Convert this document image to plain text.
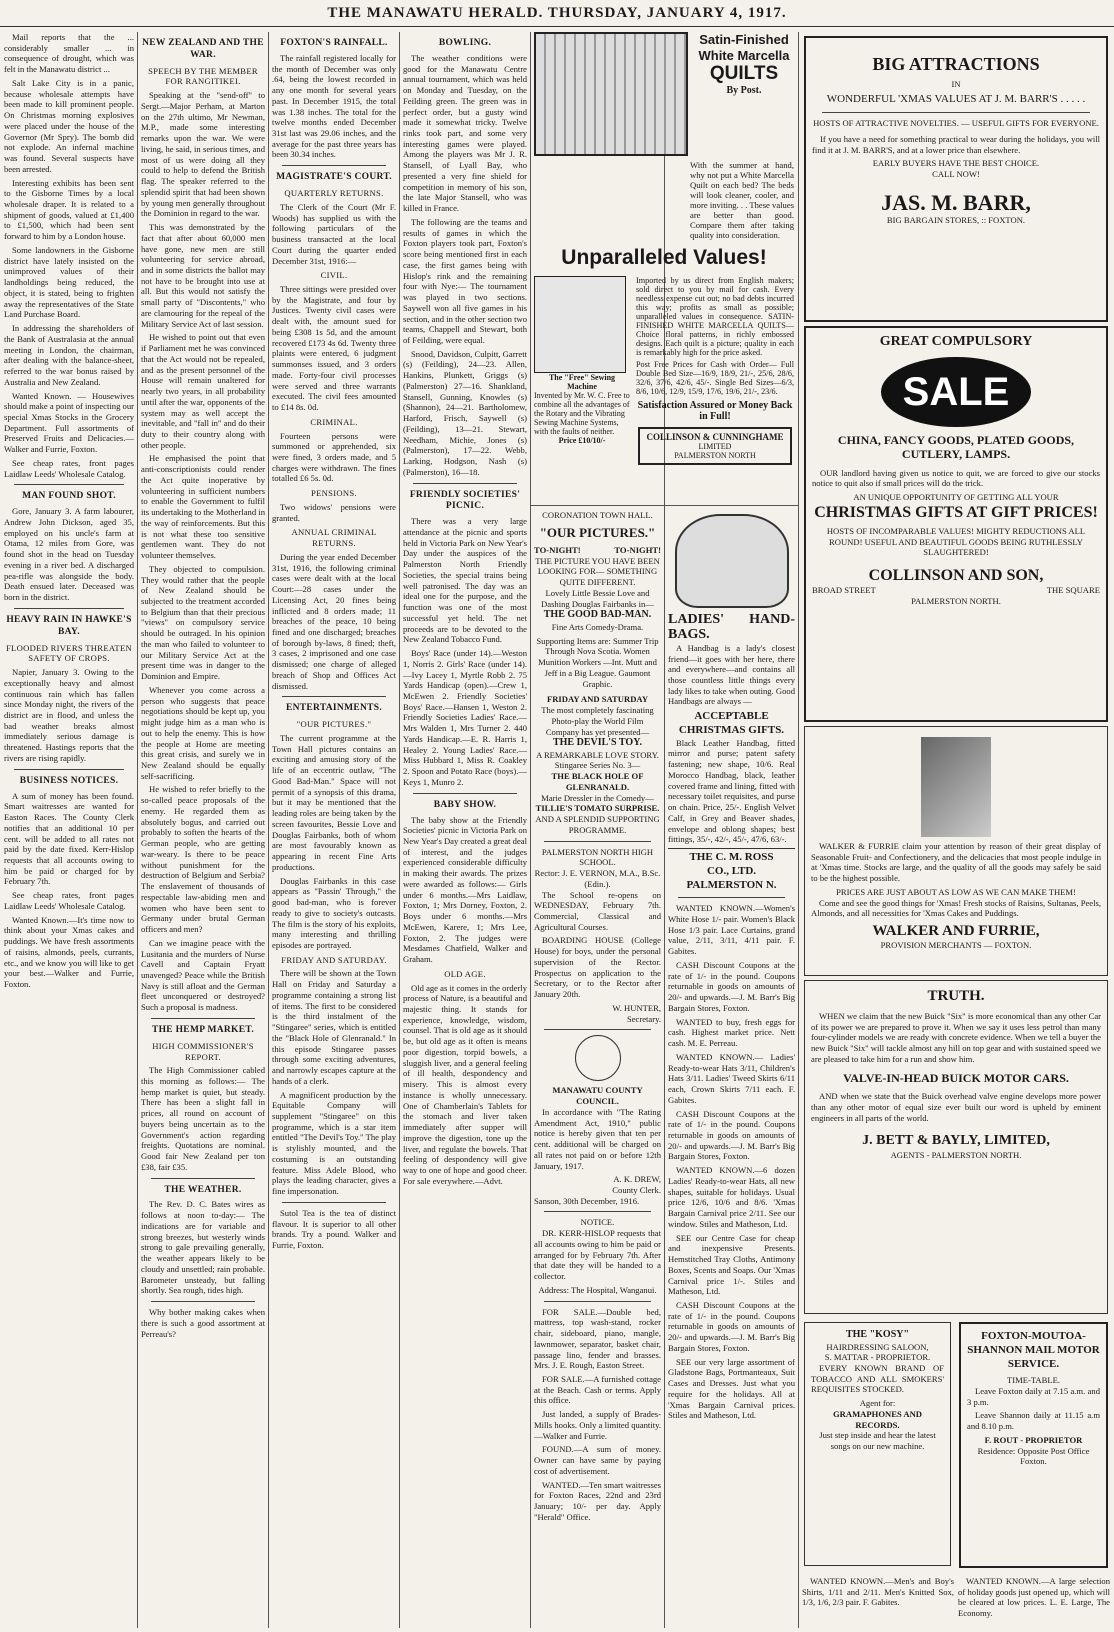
THE MANAWATU HERALD. THURSDAY, JANUARY 4, 1917.

Mail reports that the ... considerably smaller ... in consequence of drought, which was felt in the Manawatu district ...

Salt Lake City is in a panic, because wholesale attempts have been made to kill prominent people. On Christmas morning explosives were placed under the house of the Governor (Mr Spry). The bomb did not explode. An infernal machine was found. Several suspects have been arrested.

Interesting exhibits has been sent to the Gisborne Times by a local wholesale draper. It is related to a shipment of goods, valued at £1,400 to £1,500, which had been sent forward to him by a London house.

Some landowners in the Gisborne district have lately insisted on the unimproved values of their landholdings being reduced, the object, it is stated, being to frighten away the representatives of the State Land Purchase Board.

In addressing the shareholders of the Bank of Australasia at the annual meeting in London, the chairman, after dealing with the balance-sheet, referred to the war bonus raised by Australia and New Zealand.

Wanted Known. — Housewives should make a point of inspecting our special Xmas Stocks in the Grocery Department. Full assortments of Preserved Fruits and Delicacies.—Walker and Furrie, Foxton.

See cheap rates, front pages Laidlaw Leeds' Wholesale Catalog.

MAN FOUND SHOT.

Gore, January 3. A farm labourer, Andrew John Dickson, aged 35, employed on his uncle's farm at Otama, 12 miles from Gore, was found shot in the head on Tuesday evening in a river bed. A discharged pea-rifle was alongside the body. Death ensued later. Deceased was born in the district.

HEAVY RAIN IN HAWKE'S BAY.
FLOODED RIVERS THREATEN SAFETY OF CROPS.

Napier, January 3. Owing to the exceptionally heavy and almost continuous rain which has fallen since Monday night, the rivers of the district are in flood, and unless the bad weather breaks almost immediately serious damage is threatened. Hastings reports that the rivers are rising rapidly.

BUSINESS NOTICES.

A sum of money has been found. Smart waitresses are wanted for Easton Races. The County Clerk notifies that an additional 10 per cent. will be added to all rates not paid by the date fixed. Kerr-Hislop requests that all accounts owing to him be paid or charged for by February 7th.

See cheap rates, front pages Laidlaw Leeds' Wholesale Catalog.

Wanted Known.—It's time now to think about your Xmas cakes and puddings. We have fresh assortments of raisins, almonds, peels, currants, etc., and we know you will like to get your best.—Walker and Furrie, Foxton.

NEW ZEALAND AND THE WAR.
SPEECH BY THE MEMBER FOR RANGITIKEI.

Speaking at the "send-off" to Sergt.—Major Perham, at Marton on the 27th ultimo, Mr Newman, M.P., made some interesting remarks upon the war. We were living, he said, in serious times, and most of us were doing all they could to help to defend the British flag. The speaker referred to the splendid spirit that had been shown by young men generally throughout the Dominion in regard to the war.

This was demonstrated by the fact that after about 60,000 men have gone, new men are still volunteering for service abroad, and in some districts the ballot may not have to be brought into use at all. But this would not satisfy the small party of "Discontents," who are clamouring for the repeal of the Military Service Act of last session.

He wished to point out that even if Parliament met he was convinced that the Act would not be repealed, and as the present personnel of the House will remain unaltered for nearly two years, in all probability until after the war, opponents of the system may as well accept the inevitable, and "fall in" and do their duty to their country along with other people.

He emphasised the point that anti-conscriptionists could render the Act quite inoperative by volunteering in sufficient numbers to enable the Government to fulfil its undertaking to the Motherland in the way of reinforcements. But this is not what these too sensitive gentlemen want. They do not volunteer themselves.

They objected to compulsion. They would rather that the people of New Zealand should be subjected to the treatment accorded to Belgium than that their precious "views" on compulsory service should be outraged. In his opinion the man who failed to volunteer to our Military Service Act at the present time was in danger to the Dominion and Empire.

Whenever you come across a person who suggests that peace negotiations should be kept up, you might judge him as a man who is out to help the enemy. This is how the people at Home are meeting this great crisis, and surely we in New Zealand should be equally self-sacrificing.

He wished to refer briefly to the so-called peace proposals of the enemy. He regarded them as absolutely bogus, and carried out probably to soften the hearts of the German people, who are getting war-weary. Is there to be peace without punishment for the destruction of Belgium and Serbia? The enslavement of thousands of respectable law-abiding men and women who have been sent to Germany under brutal German officers and men?

Can we imagine peace with the Lusitania and the murders of Nurse Cavell and Captain Fryatt unavenged? Peace while the British Navy is still afloat and the German fleet unconquered or destroyed? Such a proposal is madness.

THE HEMP MARKET.
HIGH COMMISSIONER'S REPORT.

The High Commissioner cabled this morning as follows:— The hemp market is quiet, but steady. There has been a slight fall in prices, all round on account of buyers being uncertain as to the Government's action regarding freights. Quotations are nominal. Good fair New Zealand per ton £38, fair £35.

THE WEATHER.

The Rev. D. C. Bates wires as follows at noon to-day:— The indications are for variable and strong breezes, but westerly winds strong to gale prevailing generally, the weather appears likely to be cloudy and unsettled; rain probable. Barometer unsteady, but falling shortly. Sea rough, tides high.

Why bother making cakes when there is such a good assortment at Perreau's?

FOXTON'S RAINFALL.

The rainfall registered locally for the month of December was only .64, being the lowest recorded in any one month for several years past. In December 1915, the total was 1.38 inches. The total for the twelve months ended December 31st last was 29.06 inches, and the average for the past three years has been 30.34 inches.

MAGISTRATE'S COURT.
QUARTERLY RETURNS.

The Clerk of the Court (Mr F. Woods) has supplied us with the following particulars of the business transacted at the local Court during the quarter ended December 31st, 1916:—

CIVIL.

Three sittings were presided over by the Magistrate, and four by Justices. Twenty civil cases were dealt with, the amount sued for being £308 1s 5d, and the amount recovered £173 4s 6d. Twenty three plaints were entered, 6 judgment summonses issued, and 3 orders made. Forty-four civil processes were served and three warrants executed. The civil fees amounted to £14 8s. 0d.

CRIMINAL.

Fourteen persons were summoned or apprehended, six were fined, 3 orders made, and 5 charges were withdrawn. The fines totalled £6 5s. 0d.

PENSIONS.

Two widows' pensions were granted.

ANNUAL CRIMINAL RETURNS.

During the year ended December 31st, 1916, the following criminal cases were dealt with at the local Court:—28 cases under the Licensing Act, 20 fines being inflicted and 8 orders made; 11 breaches of the peace, 10 being fined and one discharged; breaches of borough by-laws, 8 fined; theft, 3 cases, 2 imprisoned and one case dismissed; one charge of alleged breach of Shop and Offices Act dismissed.

ENTERTAINMENTS.
"OUR PICTURES."

The current programme at the Town Hall pictures contains an exciting and amusing story of the life of an eccentric outlaw, "The Good Bad-Man." Space will not permit of a synopsis of this drama, but it may be mentioned that the leading roles are being taken by the screen favourites, Bessie Love and Douglas Fairbanks, both of whom are most favourably known as appearing in recent Fine Arts productions.

Douglas Fairbanks in this case appears as "Passin' Through," the good bad-man, who is forever ready to give to society's outcasts. The film is the story of his exploits, many interesting and thrilling episodes are portrayed.

FRIDAY AND SATURDAY.

There will be shown at the Town Hall on Friday and Saturday a programme containing a strong list of items. The first to be considered is the third instalment of the "Stingaree" series, which is entitled the "Black Hole of Glenranald." In this episode Stingaree passes through some exciting adventures, and narrowly escapes capture at the hands of a clerk.

A magnificent production by the Equitable Company will supplement "Stingaree" on this programme, which is a star item entitled "The Devil's Toy." The play is stylishly mounted, and the costuming is an outstanding feature. Miss Adele Blood, who plays the leading character, gives a fine impersonation.

Sutol Tea is the tea of distinct flavour. It is superior to all other brands. Try a pound. Walker and Furrie, Foxton.

BOWLING.

The weather conditions were good for the Manawatu Centre annual tournament, which was held on Monday and Tuesday, on the Feilding green. The green was in perfect order, but a gusty wind made it somewhat tricky. Twelve rinks took part, and some very interesting games were played. Among the players was Mr J. R. Stansell, of Lyall Bay, who presented a very fine shield for competition in memory of his son, the late Major Stansell, who was killed in France.

The following are the teams and results of games in which the Foxton players took part, Foxton's score being mentioned first in each case, the first games being with Hislop's rink and the remaining four with Nye:— The tournament was played in two sections. Saywell won all five games in his section, and in the other section two teams, Chappell and Stewart, both of Feilding, were equal.

Snood, Davidson, Culpitt, Garrett (s) (Feilding), 24—23. Allen, Hankins, Plunkett, Griggs (s) (Palmerston) 27—16. Shankland, Stansell, Gunning, Knowles (s) (Shannon), 24—21. Bartholomew, Harford, Frisch, Saywell (s) (Feilding), 13—21. Stewart, Needham, Michie, Jones (s) (Palmerston), 17—22. Webb, Larking, Hodgson, Nash (s) (Palmerston), 16—18.

FRIENDLY SOCIETIES' PICNIC.

There was a very large attendance at the picnic and sports held in Victoria Park on New Year's Day under the auspices of the Palmerston North Friendly Societies, the special trains being well patronised. The day was an ideal one for the purpose, and the function was one of the most successful yet held. The net proceeds are to be devoted to the New Zealand Tobacco Fund.

Boys' Race (under 14).—Weston 1, Norris 2. Girls' Race (under 14).—Ivy Lacey 1, Myrtle Robb 2. 75 Yards Handicap (open).—Crew 1, McEwen 2. Friendly Societies' Boys' Race.—Hansen 1, Weston 2. Friendly Societies Ladies' Race.—Mrs Walden 1, Mrs Turner 2. 440 Yards Handicap.—E. R. Harris 1, Healey 2. Young Ladies' Race.—Miss Hubbard 1, Miss R. Coakley 2. Spoon and Potato Race (boys).—Keys 1, Munro 2.

BABY SHOW.

The baby show at the Friendly Societies' picnic in Victoria Park on New Year's Day created a great deal of interest, and the judges experienced considerable difficulty in making their awards. The prizes were awarded as follows:— Girls under 6 months.—Mrs Laidlaw, Foxton, 1; Mrs Dorney, Foxton, 2. Boys under 6 months.—Mrs McEwen, Karere, 1; Mrs Lee, Foxton, 2. The judges were Mesdames Chatfield, Walker and Graham.

OLD AGE.

Old age as it comes in the orderly process of Nature, is a beautiful and majestic thing. It stands for experience, knowledge, wisdom, counsel. That is old age as it should be, but old age as it often is means poor digestion, torpid bowels, a sluggish liver, and a general feeling of ill health, despondency and misery. This is almost every instance is wholly unnecessary. One of Chamberlain's Tablets for the stomach and liver taken immediately after supper will improve the digestion, tone up the liver, and regulate the bowels. That feeling of despondency will give way to one of hope and good cheer. For sale everywhere.—Advt.

Satin-Finished
White Marcella
QUILTS
By Post.
With the summer at hand, why not put a White Marcella Quilt on each bed? The beds will look cleaner, cooler, and more inviting. . . These values are better than good. Compare them after taking quality into consideration.
Unparalleled Values!
The "Free" Sewing Machine
Invented by Mr. W. C. Free to combine all the advantages of the Rotary and the Vibrating Sewing Machine Systems, with the faults of neither.
Price £10/10/-
Imported by us direct from English makers; sold direct to you by mail for cash. Every needless expense cut out; no bad debts incurred this way; profits as small as possible; unparalleled values in consequence. SATIN-FINISHED WHITE MARCELLA QUILTS—Choice floral patterns, in richly embossed designs. Each quilt is a picture; quality in each is remarkably high for the price asked.
Post Free Prices for Cash with Order— Full Double Bed Size—16/9, 18/9, 21/-, 25/6, 28/6, 32/6, 37/6, 42/6, 45/-. Single Bed Sizes—6/3, 8/6, 10/6, 12/9, 15/9, 17/6, 19/6, 21/-, 23/6.
Satisfaction Assured or Money Back in Full!
COLLINSON & CUNNINGHAME
LIMITED
PALMERSTON NORTH
CORONATION TOWN HALL.
"OUR PICTURES."
TO-NIGHT!	TO-NIGHT!
THE PICTURE YOU HAVE BEEN LOOKING FOR— SOMETHING QUITE DIFFERENT.
Lovely Little Bessie Love and Dashing Douglas Fairbanks in—
THE GOOD BAD-MAN.
Fine Arts Comedy-Drama.
Supporting Items are: Summer Trip Through Nova Scotia. Women Munition Workers —Int. Mutt and Jeff in a Big League. Gaumont Graphic.
FRIDAY AND SATURDAY
The most completely fascinating Photo-play the World Film Company has yet presented—
THE DEVIL'S TOY.
A REMARKABLE LOVE STORY.
Stingaree Series No. 3—
THE BLACK HOLE OF GLENRANALD.
Marie Dressler in the Comedy—
TILLIE'S TOMATO SURPRISE.
AND A SPLENDID SUPPORTING PROGRAMME.
PALMERSTON NORTH HIGH
SCHOOL.
Rector: J. E. VERNON, M.A., B.Sc. (Edin.).

The School re-opens on WEDNESDAY, February 7th. Commercial, Classical and Agricultural Courses.

BOARDING HOUSE (College House) for boys, under the personal supervision of the Rector. Prospectus on application to the Secretary, or to the Rector after January 20th.

W. HUNTER,
Secretary.
MANAWATU COUNTY COUNCIL.

In accordance with "The Rating Amendment Act, 1910," public notice is hereby given that ten per cent. additional will be charged on all rates not paid on or before 12th January, 1917.

A. K. DREW,
County Clerk.
Sanson, 30th December, 1916.
NOTICE.

DR. KERR-HISLOP requests that all accounts owing to him be paid or arranged for by February 7th. After that date they will be handed to a collector.

Address: The Hospital, Wanganui.

FOR SALE.—Double bed, mattress, top wash-stand, rocker chair, sideboard, piano, mangle, lawnmower, separator, basket chair, passage lino, fender and brasses. Mrs. J. E. Rough, Easton Street.

FOR SALE.—A furnished cottage at the Beach. Cash or terms. Apply this office.

Just landed, a supply of Brades-Mills hooks. Only a limited quantity.—Walker and Furrie.

FOUND.—A sum of money. Owner can have same by paying cost of advertisement.

WANTED.—Ten smart waitresses for Foxton Races, 22nd and 23rd January; 10/- per day. Apply "Herald" Office.

LADIES' HAND-BAGS.

A Handbag is a lady's closest friend—it goes with her here, there and everywhere—and contains all those countless little things every lady likes to take when outing. Good Handbags are always —

ACCEPTABLE CHRISTMAS GIFTS.

Black Leather Handbag, fitted mirror and purse; patent safety fastening; new shape, 10/6. Real Morocco Handbag, black, leather covered frame and lining, fitted with necessary toilet requisites, and purse on chain. Price, 25/-. English Velvet Calf, in Grey and Beaver shades, envelope and oblong shapes; best fittings, 35/-, 42/-, 45/-, 47/6, 63/-.

THE C. M. ROSS
CO., LTD.
PALMERSTON N.

WANTED KNOWN.—Women's White Hose 1/- pair. Women's Black Hose 1/3 pair. Lace Curtains, grand value, 2/11, 3/11, 4/11 pair. F. Gabites.

CASH Discount Coupons at the rate of 1/- in the pound. Coupons returnable in goods on amounts of 20/- and upwards.—J. M. Barr's Big Bargain Stores, Foxton.

WANTED to buy, fresh eggs for cash. Highest market price. Nett cash. M. E. Perreau.

WANTED KNOWN.— Ladies' Ready-to-wear Hats 3/11, Children's Hats 3/11. Ladies' Tweed Skirts 6/11 each, Crown Skirts 7/11 each. F. Gabites.

CASH Discount Coupons at the rate of 1/- in the pound. Coupons returnable in goods on amounts of 20/- and upwards.—J. M. Barr's Big Bargain Stores, Foxton.

WANTED KNOWN.—6 dozen Ladies' Ready-to-wear Hats, all new shapes, suitable for holidays. Usual price 12/6, 10/6 and 8/6. 'Xmas Bargain Carnival price 2/11. See our window. Stiles and Matheson, Ltd.

SEE our Centre Case for cheap and inexpensive Presents. Hemstitched Tray Cloths, Antimony Boxes, Scents and Soaps. Our 'Xmas Carnival price 1/-. Stiles and Matheson, Ltd.

CASH Discount Coupons at the rate of 1/- in the pound. Coupons returnable in goods on amounts of 20/- and upwards.—J. M. Barr's Big Bargain Stores, Foxton.

SEE our very large assortment of Gladstone Bags, Portmanteaux, Suit Cases and Dresses. Just what you require for the holidays. All at 'Xmas Bargain Carnival prices. Stiles and Matheson, Ltd.

BIG ATTRACTIONS
IN
WONDERFUL 'XMAS VALUES AT J. M. BARR'S . . . . .
HOSTS OF ATTRACTIVE NOVELTIES. — USEFUL GIFTS FOR EVERYONE.

If you have a need for something practical to wear during the holidays, you will find it at J. M. BARR'S, and at a lower price than elsewhere.

EARLY BUYERS HAVE THE BEST CHOICE.
CALL NOW!
JAS. M. BARR,
BIG BARGAIN STORES, :: FOXTON.
GREAT COMPULSORY
SALE
CHINA, FANCY GOODS, PLATED GOODS, CUTLERY, LAMPS.

OUR landlord having given us notice to quit, we are forced to give our stocks notice to quit also if small prices will do the trick.

AN UNIQUE OPPORTUNITY OF GETTING ALL YOUR
CHRISTMAS GIFTS AT GIFT PRICES!
HOSTS OF INCOMPARABLE VALUES! MIGHTY REDUCTIONS ALL ROUND! USEFUL AND BEAUTIFUL GOODS BEING RUTHLESSLY SLAUGHTERED!
COLLINSON AND SON,
BROAD STREET	THE SQUARE
PALMERSTON NORTH.

WALKER & FURRIE claim your attention by reason of their great display of Seasonable Fruit- and Confectionery, and the delicacies that most people indulge in at 'Xmas time. Stocks are large, and the quality of all the goods may safely be said to be the highest possible.

PRICES ARE JUST ABOUT AS LOW AS WE CAN MAKE THEM!

Come and see the good things for 'Xmas! Fresh stocks of Raisins, Sultanas, Peels, Almonds, and all necessities for 'Xmas Cakes and Puddings.

WALKER AND FURRIE,
PROVISION MERCHANTS — FOXTON.
TRUTH.

WHEN we claim that the new Buick "Six" is more economical than any other Car of its power we are prepared to prove it. When we say it uses less petrol than many four-cylinder models we are ready with concrete evidence. When we tell a buyer the new Buick "Six" will tackle almost any hill on top gear and with sustained speed we are pleased to take him for a run and show him.

VALVE-IN-HEAD BUICK MOTOR CARS.

AND when we state that the Buick overhead valve engine develops more power than any other motor of equal size ever built our word is upheld by eminent engineers in all parts of the world.

J. BETT & BAYLY, LIMITED,
AGENTS - PALMERSTON NORTH.
THE "KOSY"
HAIRDRESSING SALOON,
S. MATTAR - PROPRIETOR.

EVERY KNOWN BRAND OF TOBACCO AND ALL SMOKERS' REQUISITES STOCKED.

Agent for:
GRAMAPHONES AND RECORDS.
Just step inside and hear the latest songs on our new machine.
FOXTON-MOUTOA-SHANNON MAIL MOTOR SERVICE.
TIME-TABLE.

Leave Foxton daily at 7.15 a.m. and 3 p.m.

Leave Shannon daily at 11.15 a.m and 8.10 p.m.

F. ROUT - PROPRIETOR
Residence: Opposite Post Office Foxton.

WANTED KNOWN.—Men's and Boy's Shirts, 1/11 and 2/11. Men's Knitted Sox, 1/3, 1/6, 2/3 pair. F. Gabites.

WANTED KNOWN.—A large selection of holiday goods just opened up, which will be cleared at low prices. L. E. Large, The Economy.
